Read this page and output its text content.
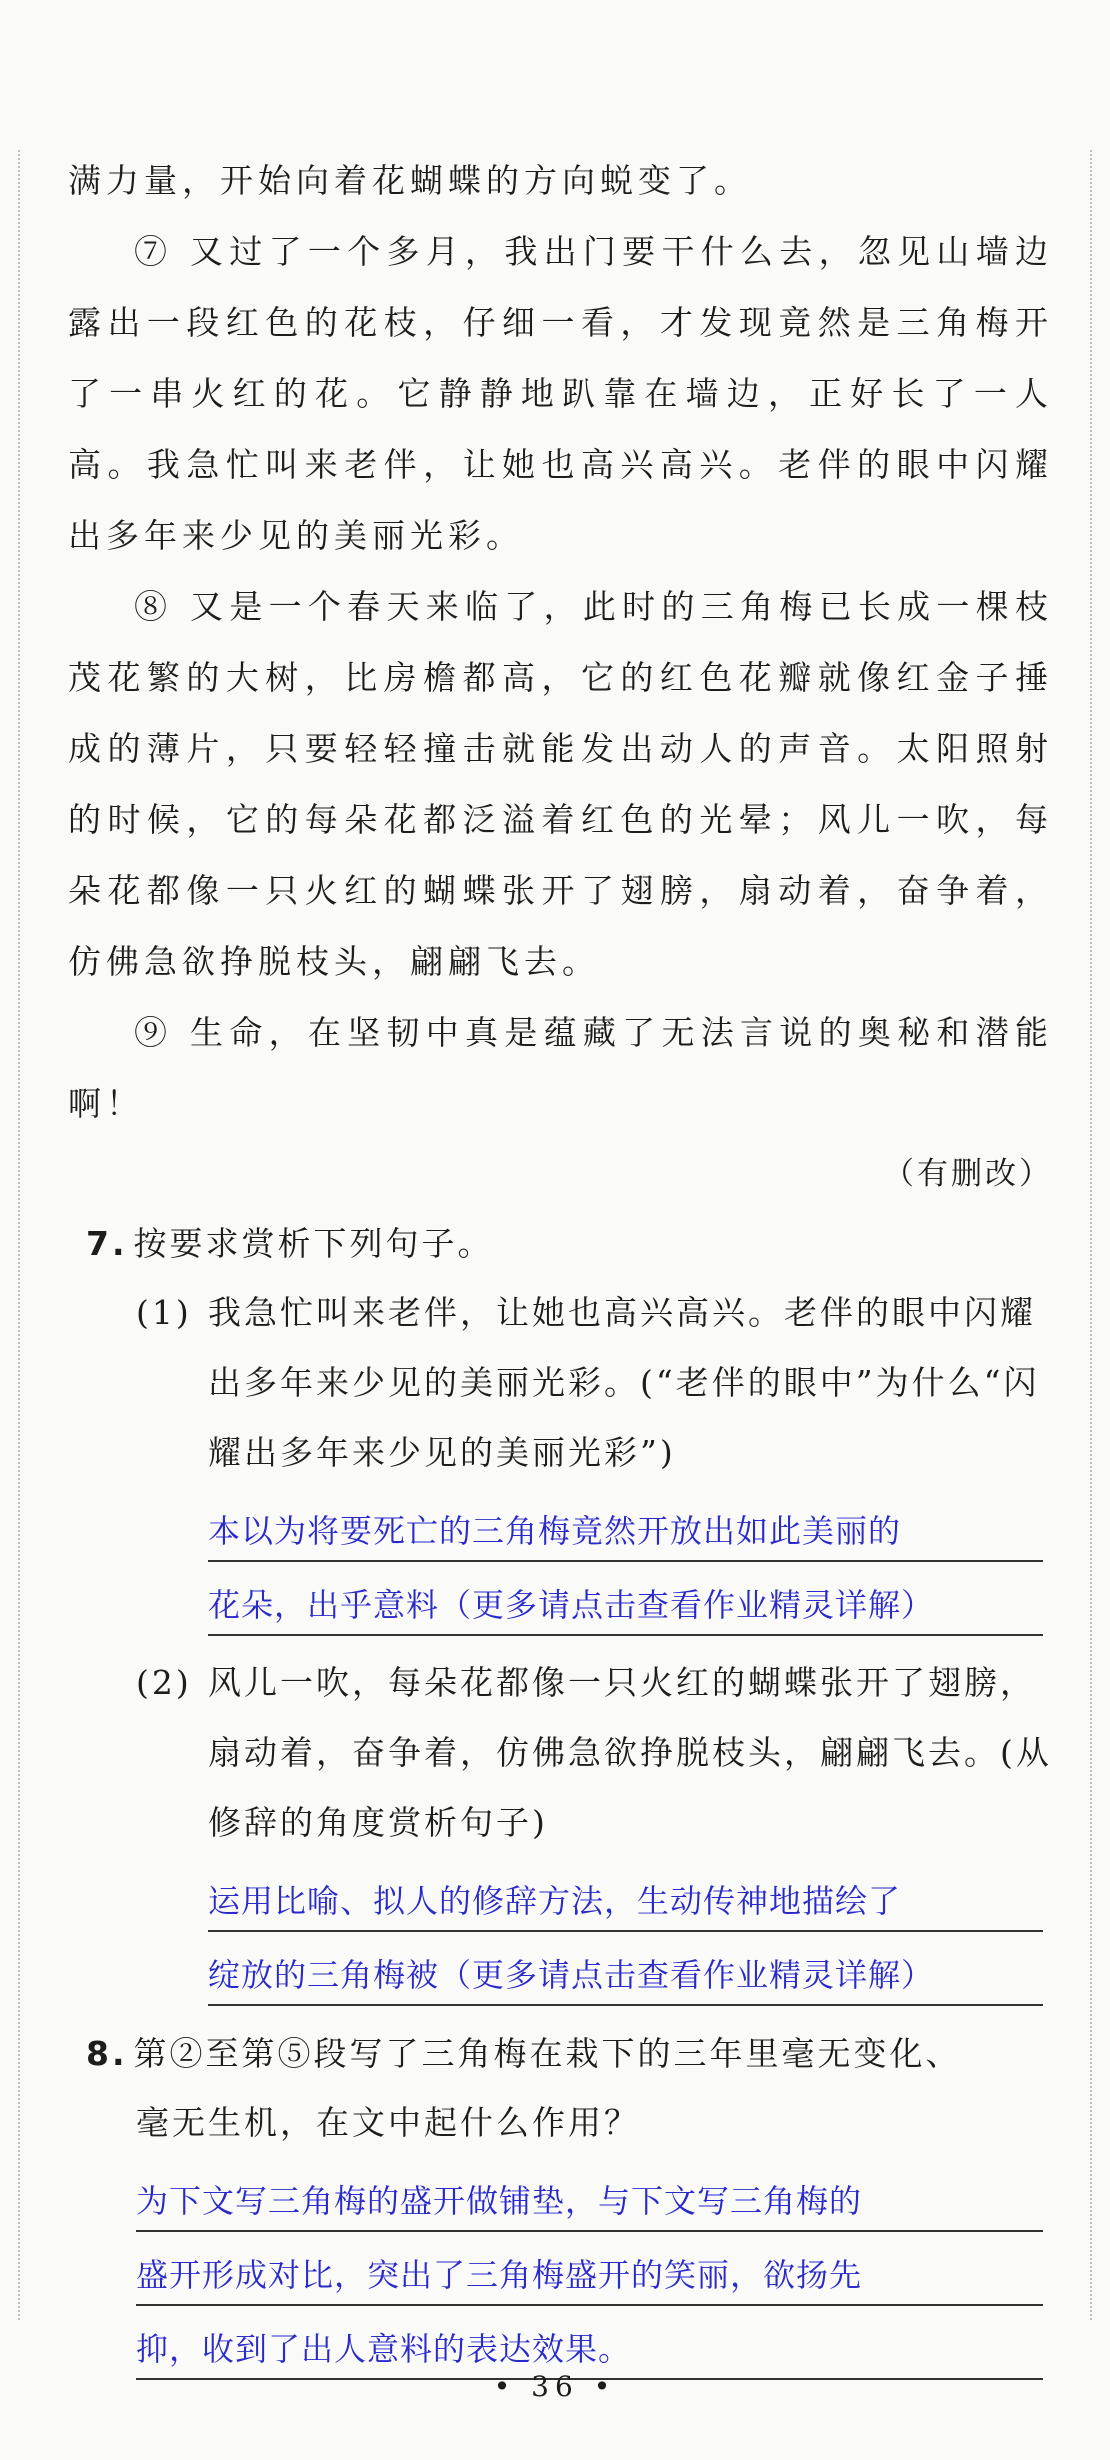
满力量，开始向着花蝴蝶的方向蜕变了。

⑦ 又过了一个多月，我出门要干什么去，忽见山墙边露出一段红色的花枝，仔细一看，才发现竟然是三角梅开了一串火红的花。它静静地趴靠在墙边，正好长了一人高。我急忙叫来老伴，让她也高兴高兴。老伴的眼中闪耀出多年来少见的美丽光彩。

⑧ 又是一个春天来临了，此时的三角梅已长成一棵枝茂花繁的大树，比房檐都高，它的红色花瓣就像红金子捶成的薄片，只要轻轻撞击就能发出动人的声音。太阳照射的时候，它的每朵花都泛溢着红色的光晕；风儿一吹，每朵花都像一只火红的蝴蝶张开了翅膀，扇动着，奋争着，仿佛急欲挣脱枝头，翩翩飞去。

⑨ 生命，在坚韧中真是蕴藏了无法言说的奥秘和潜能啊！

（有删改）

7. 按要求赏析下列句子。

(1) 我急忙叫来老伴，让她也高兴高兴。老伴的眼中闪耀出多年来少见的美丽光彩。(“老伴的眼中”为什么“闪耀出多年来少见的美丽光彩”)
本以为将要死亡的三角梅竟然开放出如此美丽的
花朵，出乎意料（更多请点击查看作业精灵详解）
(2) 风儿一吹，每朵花都像一只火红的蝴蝶张开了翅膀，扇动着，奋争着，仿佛急欲挣脱枝头，翩翩飞去。(从修辞的角度赏析句子)
运用比喻、拟人的修辞方法，生动传神地描绘了
绽放的三角梅被（更多请点击查看作业精灵详解）

8. 第②至第⑤段写了三角梅在栽下的三年里毫无变化、

毫无生机，在文中起什么作用？

为下文写三角梅的盛开做铺垫，与下文写三角梅的
盛开形成对比，突出了三角梅盛开的笑丽，欲扬先
抑，收到了出人意料的表达效果。
• 36 •
